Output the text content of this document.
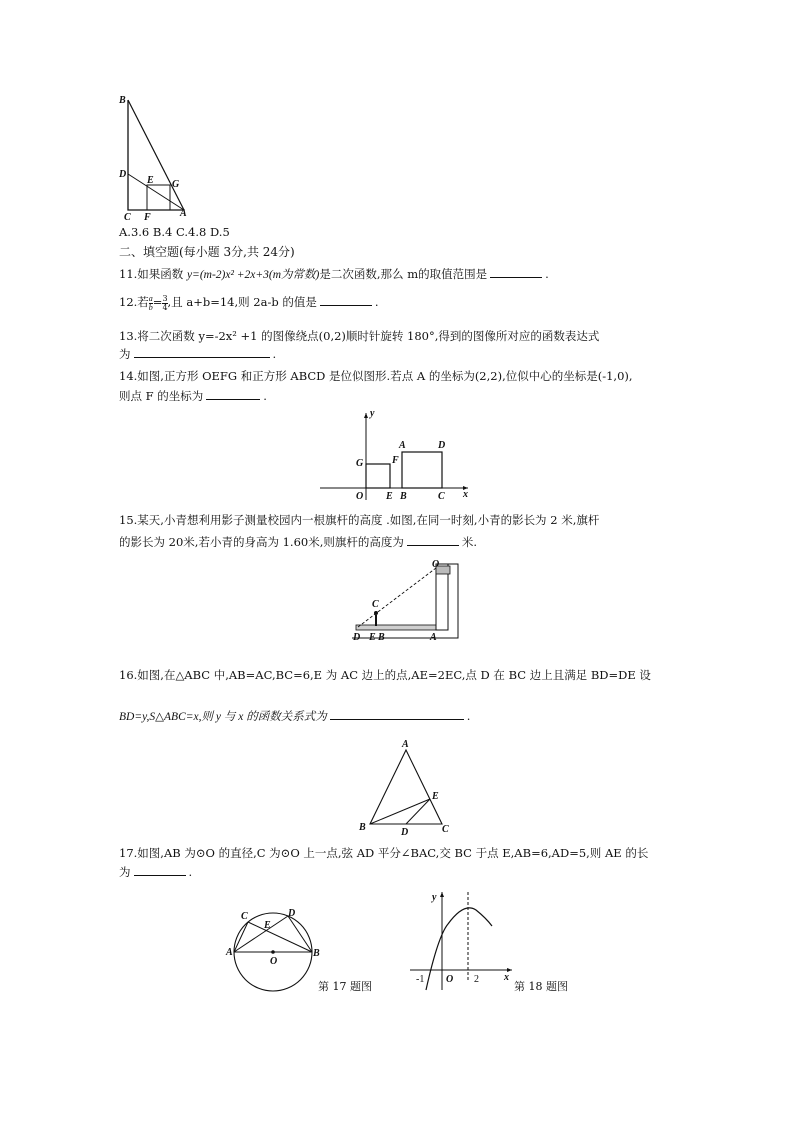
B
D
E G
C F	A
A.3.6 B.4 C.4.8 D.5
二、填空题(每小题 3分,共 24分)
11.如果函数 y=(m-2)x² +2x+3(m为常数)是二次函数,那么 m的取值范围是	.
12.若 $\frac{a}{b} = \frac{3}{4}$ ,且 a+b=14,则 2a-b 的值是	.
13.将二次函数 y=-2x² +1 的图像绕点(0,2)顺时针旋转 180°,得到的图像所对应的函数表达式
为	.
14.如图,正方形 OEFG 和正方形 ABCD 是位似图形.若点 A 的坐标为(2,2),位似中心的坐标是(-1,0),
则点 F 的坐标为	.
y
G	F
A	D
O E B	C x
15.某天,小青想利用影子测量校园内一根旗杆的高度 .如图,在同一时刻,小青的影长为 2 米,旗杆
的影长为 20米,若小青的身高为 1.60米,则旗杆的高度为	米.
O
C
D E B	A
16.如图,在△ABC 中,AB=AC,BC=6,E 为 AC 边上的点,AE=2EC,点 D 在 BC 边上且满足 BD=DE 设
BD=y,S△ABC=x,则 y 与 x 的函数关系式为	.
A
E
B	D	C
17.如图,AB 为⊙O 的直径,C 为⊙O 上一点,弦 AD 平分∠BAC,交 BC 于点 E,AB=6,AD=5,则 AE 的长
为	.
C
E
D
A
O
B
第 17 题图
y
-1 O 2	x
第 18 题图
